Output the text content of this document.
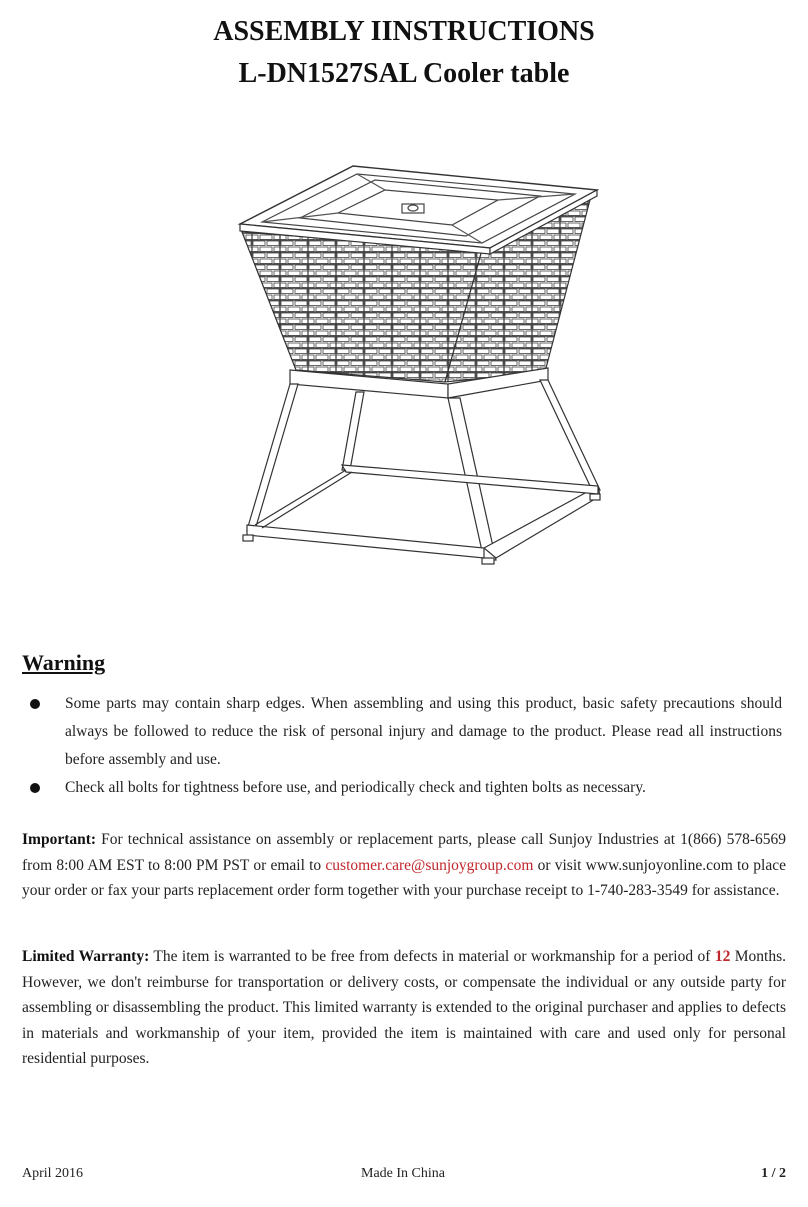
ASSEMBLY IINSTRUCTIONS
L-DN1527SAL Cooler table
Warning
Some parts may contain sharp edges. When assembling and using this product, basic safety precautions should always be followed to reduce the risk of personal injury and damage to the product. Please read all instructions before assembly and use.
Check all bolts for tightness before use, and periodically check and tighten bolts as necessary.

Important: For technical assistance on assembly or replacement parts, please call Sunjoy Industries at 1(866) 578-6569 from 8:00 AM EST to 8:00 PM PST or email to customer.care@sunjoygroup.com or visit www.sunjoyonline.com to place your order or fax your parts replacement order form together with your purchase receipt to 1-740-283-3549 for assistance.

Limited Warranty: The item is warranted to be free from defects in material or workmanship for a period of 12 Months. However, we don't reimburse for transportation or delivery costs, or compensate the individual or any outside party for assembling or disassembling the product. This limited warranty is extended to the original purchaser and applies to defects in materials and workmanship of your item, provided the item is maintained with care and used only for personal residential purposes.

April 2016	Made In China	1 / 2
